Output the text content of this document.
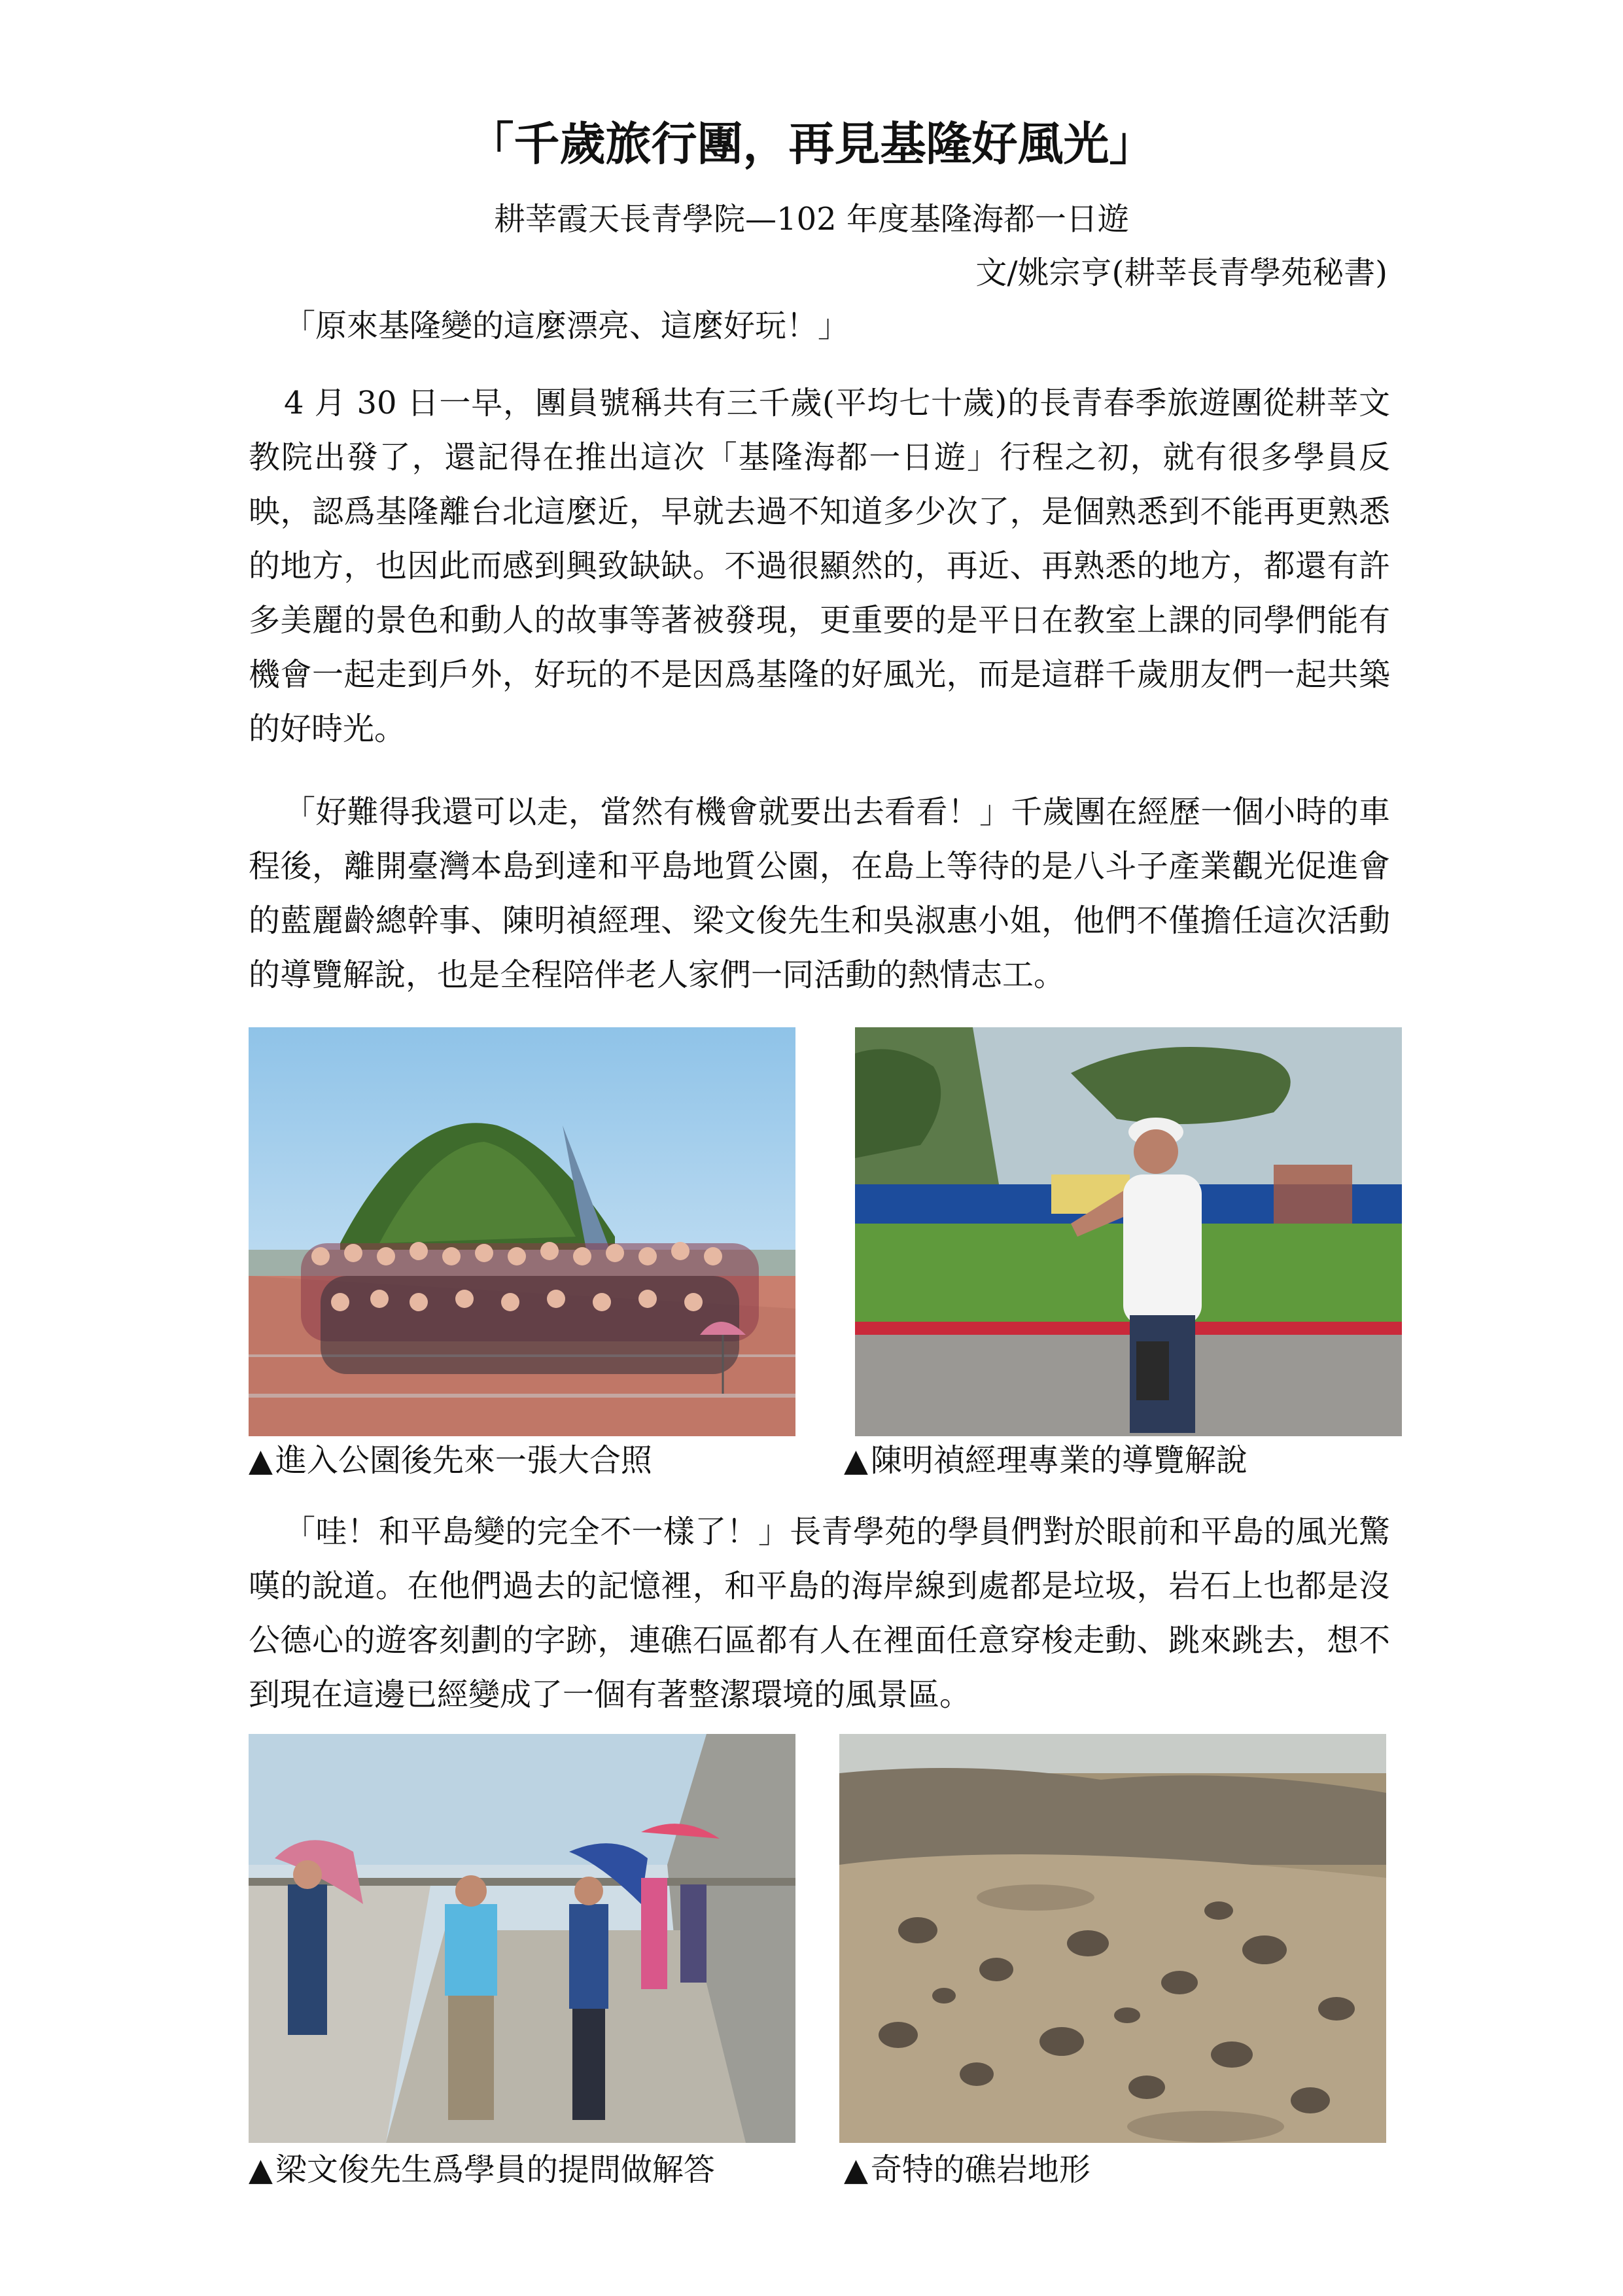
「千歲旅行團，再見基隆好風光」
耕莘霞天長青學院—102 年度基隆海都一日遊
文/姚宗亨(耕莘長青學苑秘書)

「原來基隆變的這麼漂亮、這麼好玩！」

4 月 30 日一早，團員號稱共有三千歲(平均七十歲)的長青春季旅遊團從耕莘文教院出發了，還記得在推出這次「基隆海都一日遊」行程之初，就有很多學員反映，認爲基隆離台北這麼近，早就去過不知道多少次了，是個熟悉到不能再更熟悉的地方，也因此而感到興致缺缺。不過很顯然的，再近、再熟悉的地方，都還有許多美麗的景色和動人的故事等著被發現，更重要的是平日在教室上課的同學們能有機會一起走到戶外，好玩的不是因爲基隆的好風光，而是這群千歲朋友們一起共築的好時光。

「好難得我還可以走，當然有機會就要出去看看！」千歲團在經歷一個小時的車程後，離開臺灣本島到達和平島地質公園，在島上等待的是八斗子產業觀光促進會的藍麗齡總幹事、陳明禎經理、梁文俊先生和吳淑惠小姐，他們不僅擔任這次活動的導覽解說，也是全程陪伴老人家們一同活動的熱情志工。

▲進入公園後先來一張大合照	▲陳明禎經理專業的導覽解說

「哇！和平島變的完全不一樣了！」長青學苑的學員們對於眼前和平島的風光驚嘆的說道。在他們過去的記憶裡，和平島的海岸線到處都是垃圾，岩石上也都是沒公德心的遊客刻劃的字跡，連礁石區都有人在裡面任意穿梭走動、跳來跳去，想不到現在這邊已經變成了一個有著整潔環境的風景區。

▲梁文俊先生爲學員的提問做解答	▲奇特的礁岩地形
